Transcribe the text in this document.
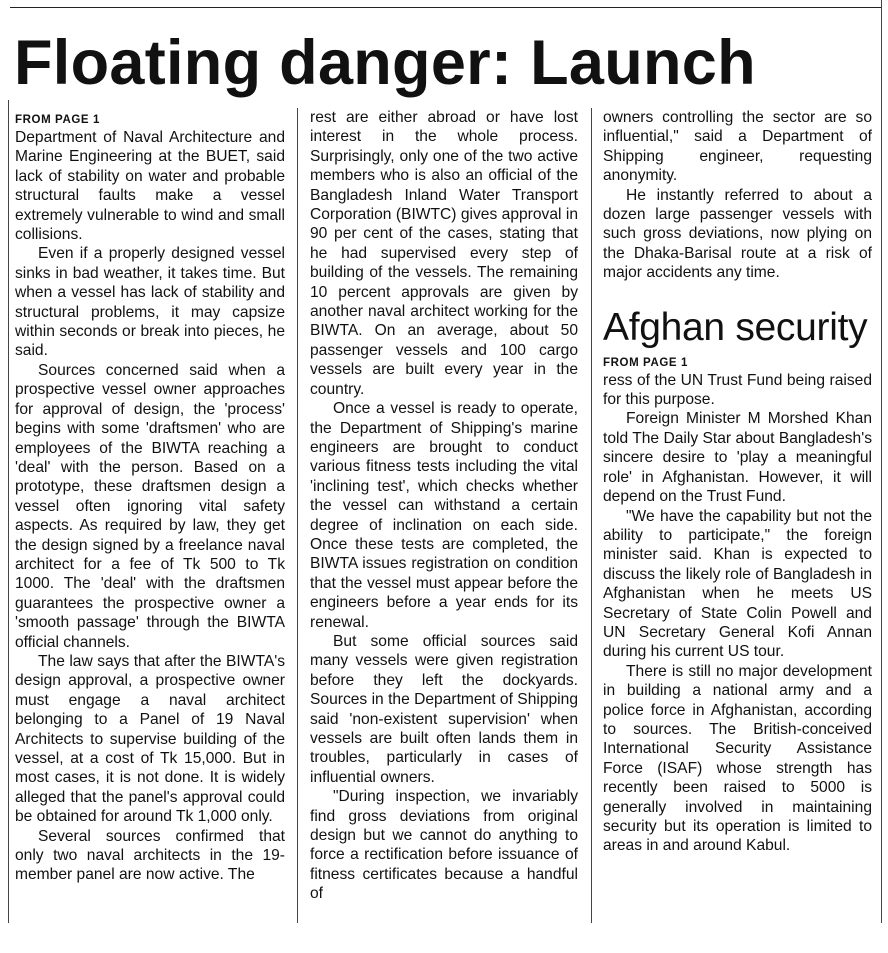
Floating danger: Launch
FROM PAGE 1

Department of Naval Architecture and Marine Engineering at the BUET, said lack of stability on water and probable structural faults make a vessel extremely vulnerable to wind and small collisions.

Even if a properly designed vessel sinks in bad weather, it takes time. But when a vessel has lack of stability and structural problems, it may capsize within seconds or break into pieces, he said.

Sources concerned said when a prospective vessel owner approaches for approval of design, the 'process' begins with some 'draftsmen' who are employees of the BIWTA reaching a 'deal' with the person. Based on a prototype, these draftsmen design a vessel often ignoring vital safety aspects. As required by law, they get the design signed by a freelance naval architect for a fee of Tk 500 to Tk 1000. The 'deal' with the draftsmen guarantees the prospective owner a 'smooth passage' through the BIWTA official channels.

The law says that after the BIWTA's design approval, a prospective owner must engage a naval architect belonging to a Panel of 19 Naval Architects to supervise building of the vessel, at a cost of Tk 15,000. But in most cases, it is not done. It is widely alleged that the panel's approval could be obtained for around Tk 1,000 only.

Several sources confirmed that only two naval architects in the 19-member panel are now active. The

rest are either abroad or have lost interest in the whole process. Surprisingly, only one of the two active members who is also an official of the Bangladesh Inland Water Transport Corporation (BIWTC) gives approval in 90 per cent of the cases, stating that he had supervised every step of building of the vessels. The remaining 10 percent approvals are given by another naval architect working for the BIWTA. On an average, about 50 passenger vessels and 100 cargo vessels are built every year in the country.

Once a vessel is ready to operate, the Department of Shipping's marine engineers are brought to conduct various fitness tests including the vital 'inclining test', which checks whether the vessel can withstand a certain degree of inclination on each side. Once these tests are completed, the BIWTA issues registration on condition that the vessel must appear before the engineers before a year ends for its renewal.

But some official sources said many vessels were given registration before they left the dockyards. Sources in the Department of Shipping said 'non-existent supervision' when vessels are built often lands them in troubles, particularly in cases of influential owners.

"During inspection, we invariably find gross deviations from original design but we cannot do anything to force a rectification before issuance of fitness certificates because a handful of

owners controlling the sector are so influential," said a Department of Shipping engineer, requesting anonymity.

He instantly referred to about a dozen large passenger vessels with such gross deviations, now plying on the Dhaka-Barisal route at a risk of major accidents any time.

Afghan security
FROM PAGE 1

ress of the UN Trust Fund being raised for this purpose.

Foreign Minister M Morshed Khan told The Daily Star about Bangladesh's sincere desire to 'play a meaningful role' in Afghanistan. However, it will depend on the Trust Fund.

"We have the capability but not the ability to participate," the foreign minister said. Khan is expected to discuss the likely role of Bangladesh in Afghanistan when he meets US Secretary of State Colin Powell and UN Secretary General Kofi Annan during his current US tour.

There is still no major development in building a national army and a police force in Afghanistan, according to sources. The British-conceived International Security Assistance Force (ISAF) whose strength has recently been raised to 5000 is generally involved in maintaining security but its operation is limited to areas in and around Kabul.
